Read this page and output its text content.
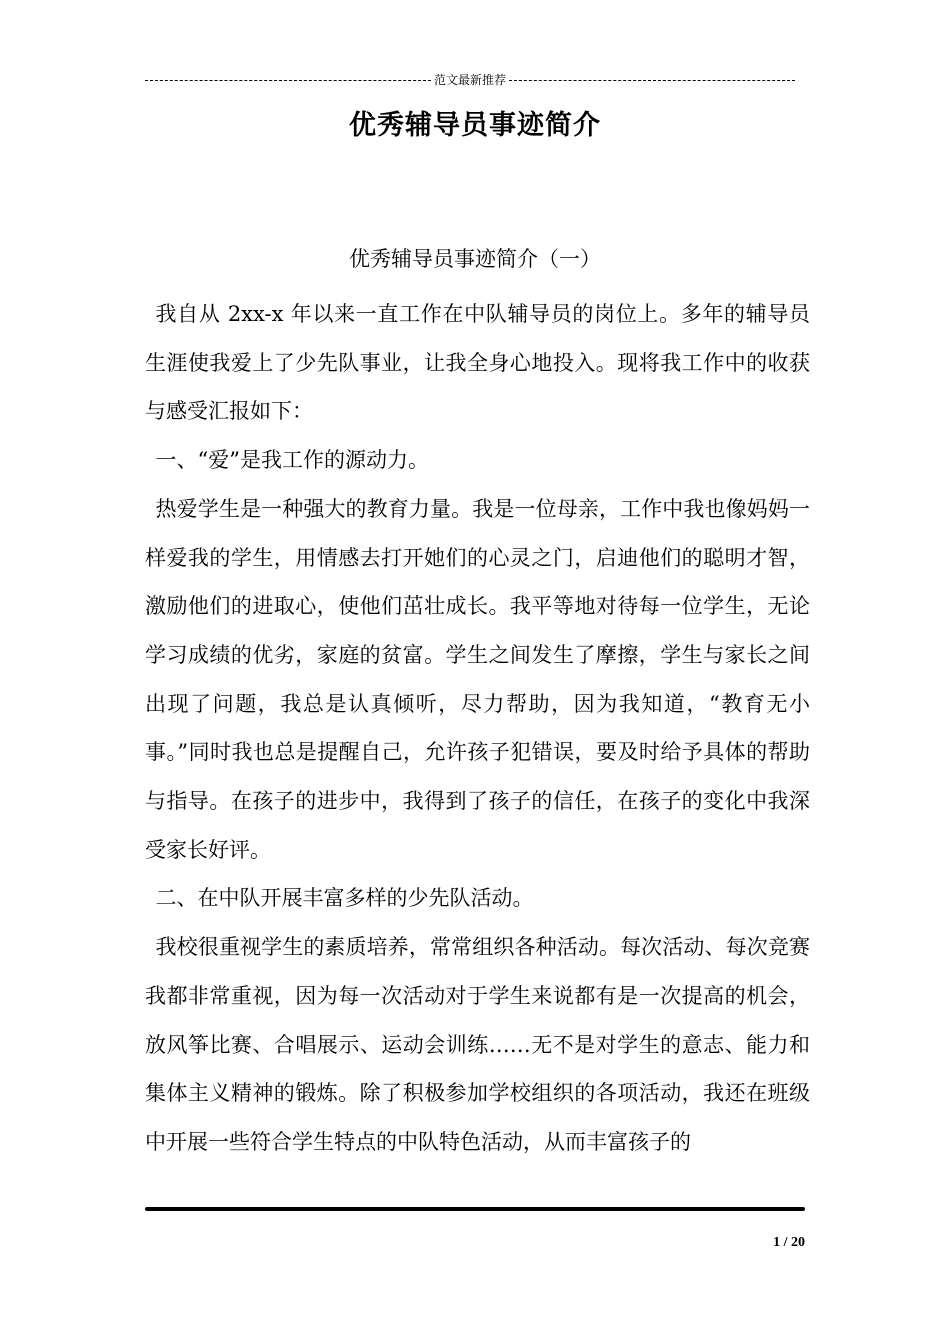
范文最新推荐
优秀辅导员事迹简介
优秀辅导员事迹简介（一）

我自从 2xx-x 年以来一直工作在中队辅导员的岗位上。多年的辅导员生涯使我爱上了少先队事业，让我全身心地投入。现将我工作中的收获与感受汇报如下：

一、“爱”是我工作的源动力。

热爱学生是一种强大的教育力量。我是一位母亲，工作中我也像妈妈一样爱我的学生，用情感去打开她们的心灵之门，启迪他们的聪明才智，激励他们的进取心，使他们茁壮成长。我平等地对待每一位学生，无论学习成绩的优劣，家庭的贫富。学生之间发生了摩擦，学生与家长之间出现了问题，我总是认真倾听，尽力帮助，因为我知道，“教育无小事。”同时我也总是提醒自己，允许孩子犯错误，要及时给予具体的帮助与指导。在孩子的进步中，我得到了孩子的信任，在孩子的变化中我深受家长好评。

二、在中队开展丰富多样的少先队活动。

我校很重视学生的素质培养，常常组织各种活动。每次活动、每次竞赛我都非常重视，因为每一次活动对于学生来说都有是一次提高的机会，放风筝比赛、合唱展示、运动会训练……无不是对学生的意志、能力和集体主义精神的锻炼。除了积极参加学校组织的各项活动，我还在班级中开展一些符合学生特点的中队特色活动，从而丰富孩子的

1 / 20
